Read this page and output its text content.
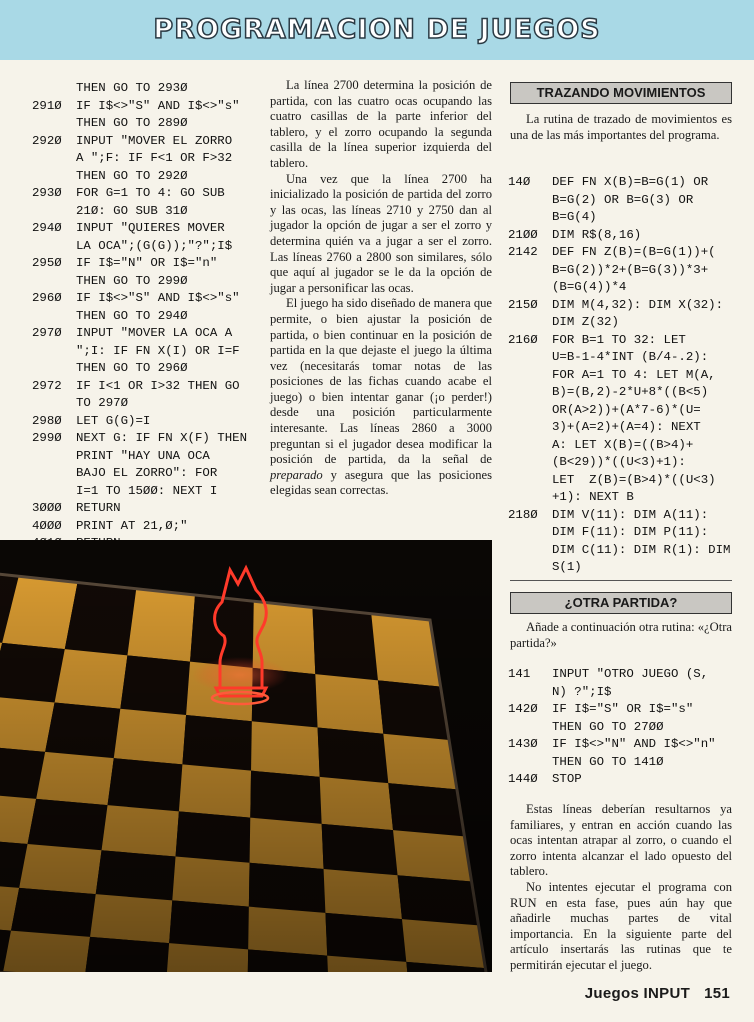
PROGRAMACION DE JUEGOS
THEN GO TO 293Ø
291Ø	IF I$<>"S" AND I$<>"s"
THEN GO TO 289Ø
292Ø	INPUT "MOVER EL ZORRO
A ";F: IF F<1 OR F>32
THEN GO TO 292Ø
293Ø	FOR G=1 TO 4: GO SUB
21Ø: GO SUB 31Ø
294Ø	INPUT "QUIERES MOVER
LA OCA";(G(G));"?";I$
295Ø	IF I$="N" OR I$="n"
THEN GO TO 299Ø
296Ø	IF I$<>"S" AND I$<>"s"
THEN GO TO 294Ø
297Ø	INPUT "MOVER LA OCA A
";I: IF FN X(I) OR I=F
THEN GO TO 296Ø
2972	IF I<1 OR I>32 THEN GO
TO 297Ø
298Ø	LET G(G)=I
299Ø	NEXT G: IF FN X(F) THEN
PRINT "HAY UNA OCA
BAJO EL ZORRO": FOR
I=1 TO 15ØØ: NEXT I
3ØØØ	RETURN
4ØØØ	PRINT AT 21,Ø;"

La línea 2700 determina la posición de partida, con las cuatro ocas ocupando las cuatro casillas de la parte inferior del tablero, y el zorro ocupando la segunda casilla de la línea superior izquierda del tablero.

Una vez que la línea 2700 ha inicializado la posición de partida del zorro y las ocas, las líneas 2710 y 2750 dan al jugador la opción de jugar a ser el zorro y determina quién va a jugar a ser el zorro. Las líneas 2760 a 2800 son similares, sólo que aquí al jugador se le da la opción de jugar a personificar las ocas.

El juego ha sido diseñado de manera que permite, o bien ajustar la posición de partida, o bien continuar en la posición de partida en la que dejaste el juego la última vez (necesitarás tomar notas de las posiciones de las fichas cuando acabe el juego) o bien intentar ganar (¡o perder!) desde una posición particularmente interesante. Las líneas 2860 a 3000 preguntan si el jugador desea modificar la posición de partida, da la señal de preparado y asegura que las posiciones elegidas sean correctas.

TRAZANDO MOVIMIENTOS

La rutina de trazado de movimientos es una de las más importantes del programa.

14Ø	DEF FN X(B)=B=G(1) OR
B=G(2) OR B=G(3) OR
B=G(4)
21ØØ	DIM R$(8,16)
2142	DEF FN Z(B)=(B=G(1))+(
B=G(2))*2+(B=G(3))*3+
(B=G(4))*4
215Ø	DIM M(4,32): DIM X(32):
DIM Z(32)
216Ø	FOR B=1 TO 32: LET
U=B-1-4*INT (B/4-.2):
FOR A=1 TO 4: LET M(A,
B)=(B,2)-2*U+8*((B<5)
OR(A>2))+(A*7-6)*(U=
3)+(A=2)+(A=4): NEXT
A: LET X(B)=((B>4)+
(B<29))*((U<3)+1):
LET  Z(B)=(B>4)*((U<3)
+1): NEXT B
218Ø	DIM V(11): DIM A(11):
DIM F(11): DIM P(11):
DIM C(11): DIM R(1): DIM
S(1)
¿OTRA PARTIDA?

Añade a continuación otra rutina: «¿Otra partida?»

141	INPUT "OTRO JUEGO (S,
N) ?";I$
142Ø	IF I$="S" OR I$="s"
THEN GO TO 27ØØ
143Ø	IF I$<>"N" AND I$<>"n"
THEN GO TO 141Ø
144Ø	STOP

Estas líneas deberían resultarnos ya familiares, y entran en acción cuando las ocas intentan atrapar al zorro, o cuando el zorro intenta alcanzar el lado opuesto del tablero.

No intentes ejecutar el programa con RUN en esta fase, pues aún hay que añadirle muchas partes de vital importancia. En la siguiente parte del artículo insertarás las rutinas que te permitirán ejecutar el juego.

Juegos INPUT 151
